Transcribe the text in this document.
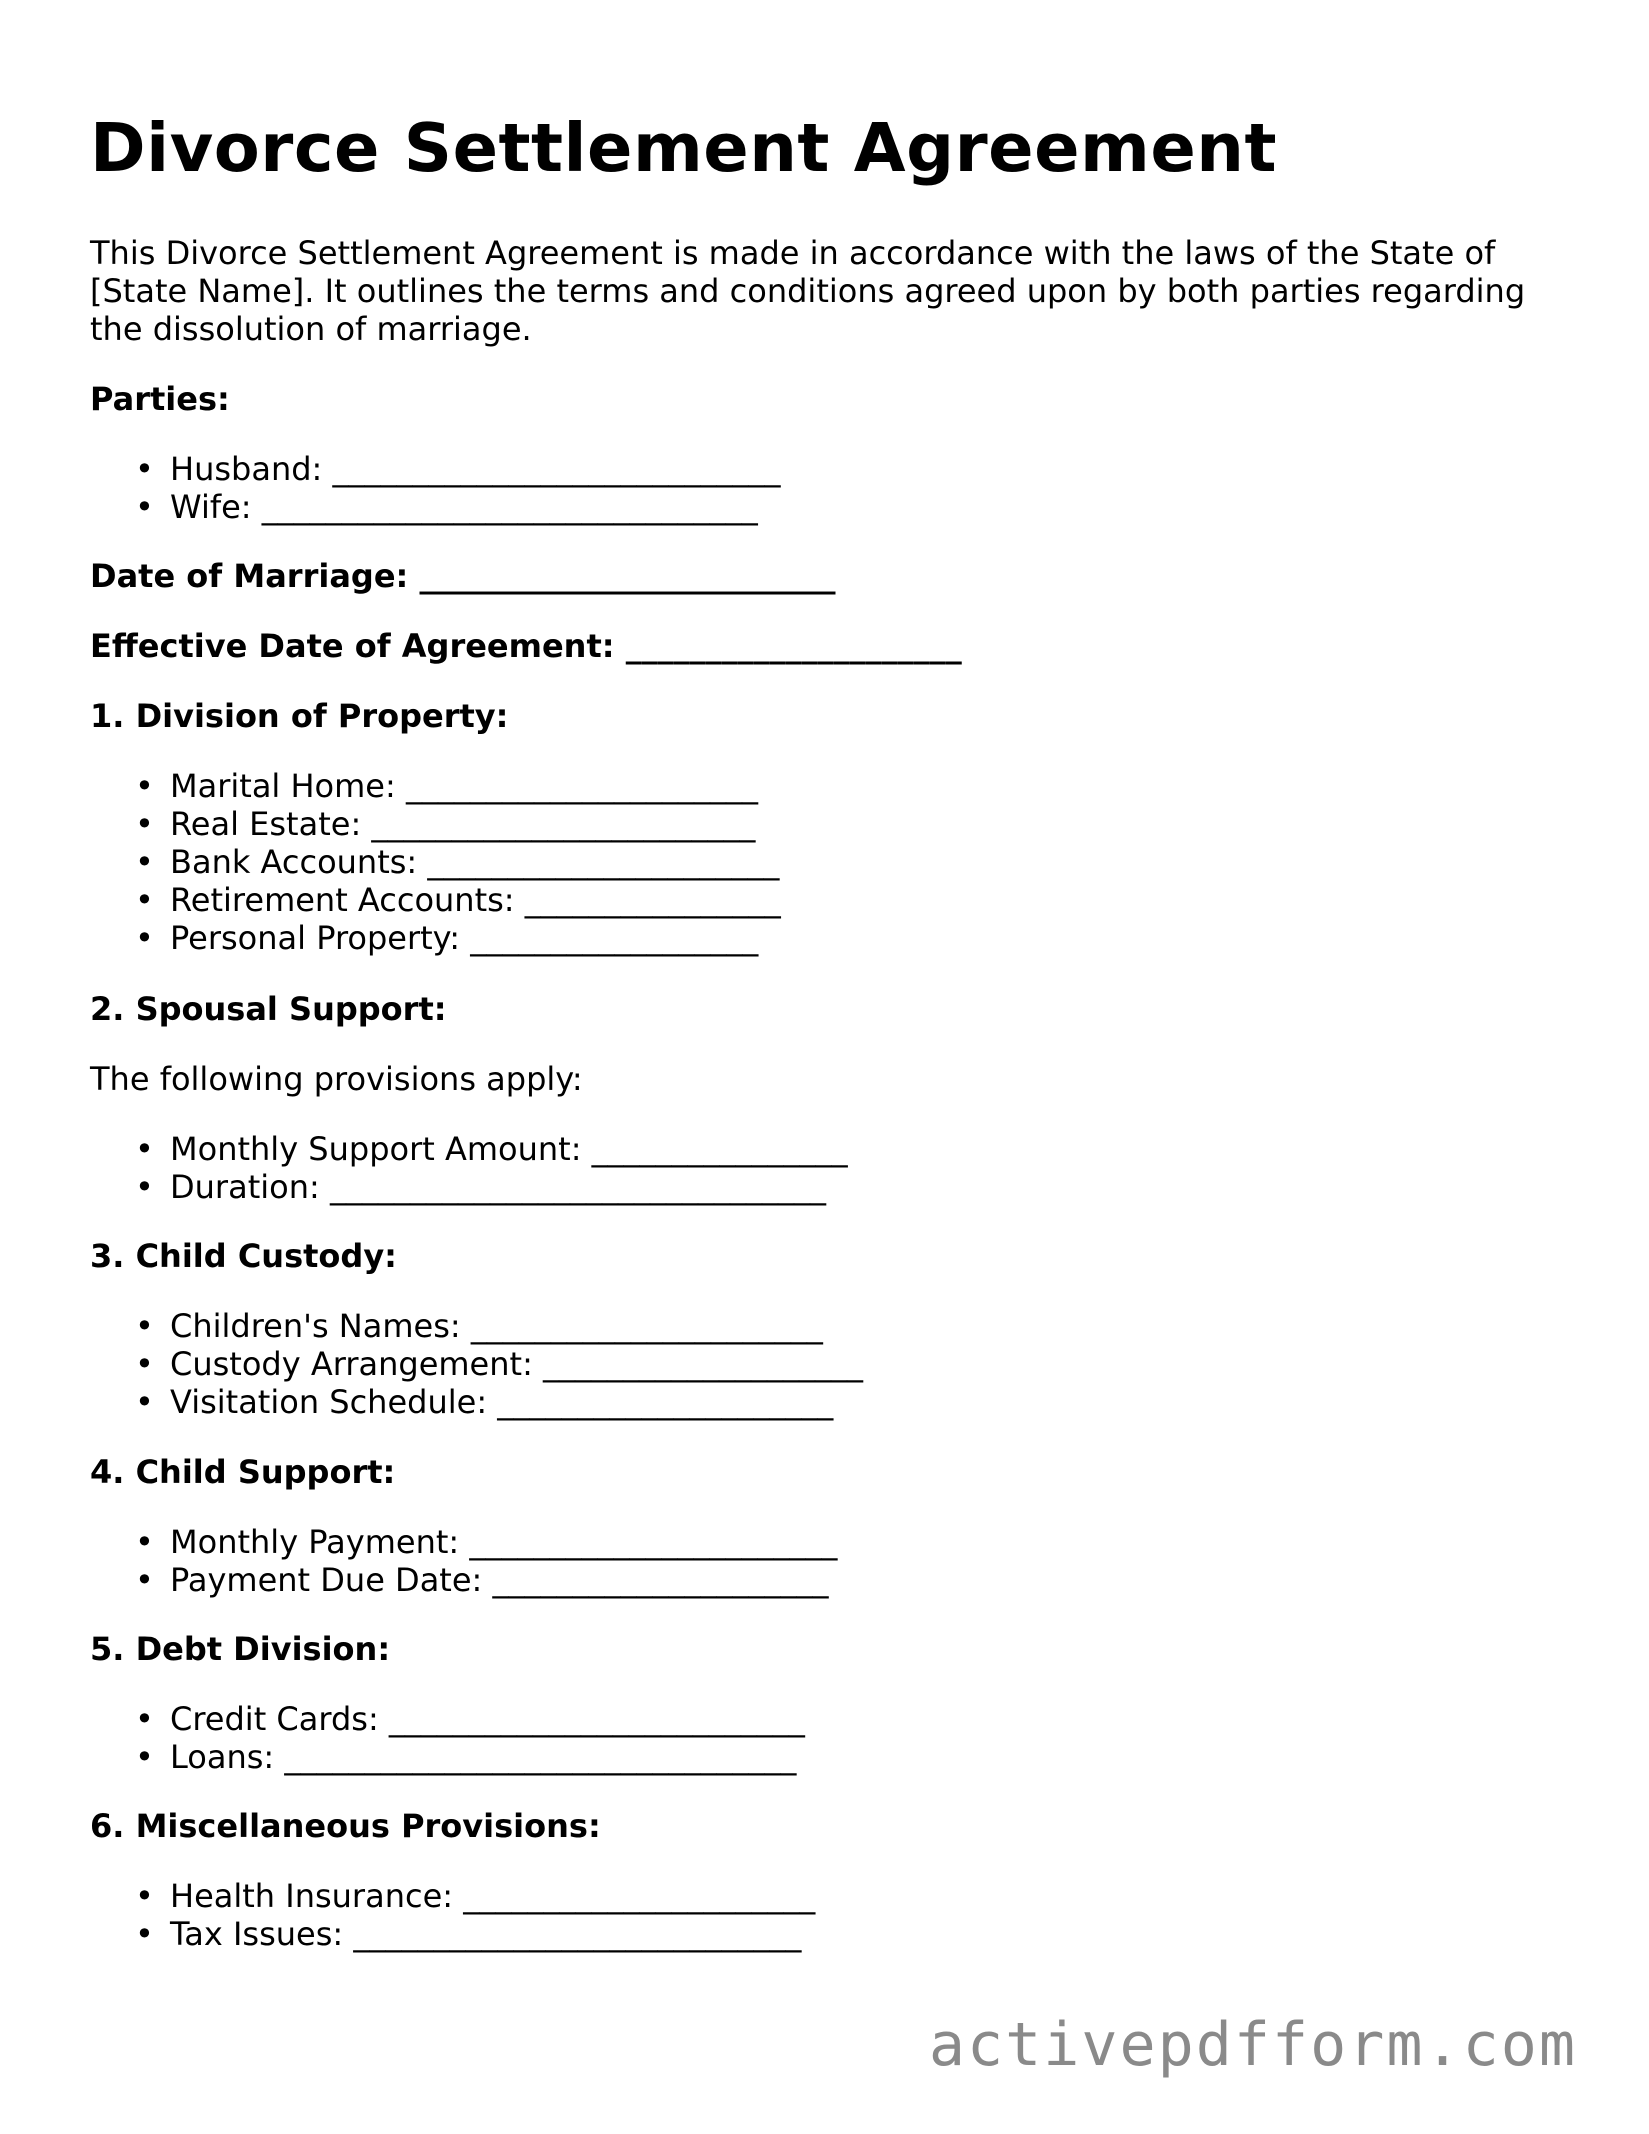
Divorce Settlement Agreement

This Divorce Settlement Agreement is made in accordance with the laws of the State of [State Name]. It outlines the terms and conditions agreed upon by both parties regarding the dissolution of marriage.

Parties:
• Husband: ____________________________
• Wife: _______________________________
Date of Marriage: __________________________
Effective Date of Agreement: _____________________
1. Division of Property:
• Marital Home: ______________________
• Real Estate: ________________________
• Bank Accounts: ______________________
• Retirement Accounts: ________________
• Personal Property: __________________
2. Spousal Support:
The following provisions apply:
• Monthly Support Amount: ________________
• Duration: _______________________________
3. Child Custody:
• Children's Names: ______________________
• Custody Arrangement: ____________________
• Visitation Schedule: _____________________
4. Child Support:
• Monthly Payment: _______________________
• Payment Due Date: _____________________
5. Debt Division:
• Credit Cards: __________________________
• Loans: ________________________________
6. Miscellaneous Provisions:
• Health Insurance: ______________________
• Tax Issues: ____________________________
activepdfform.com
